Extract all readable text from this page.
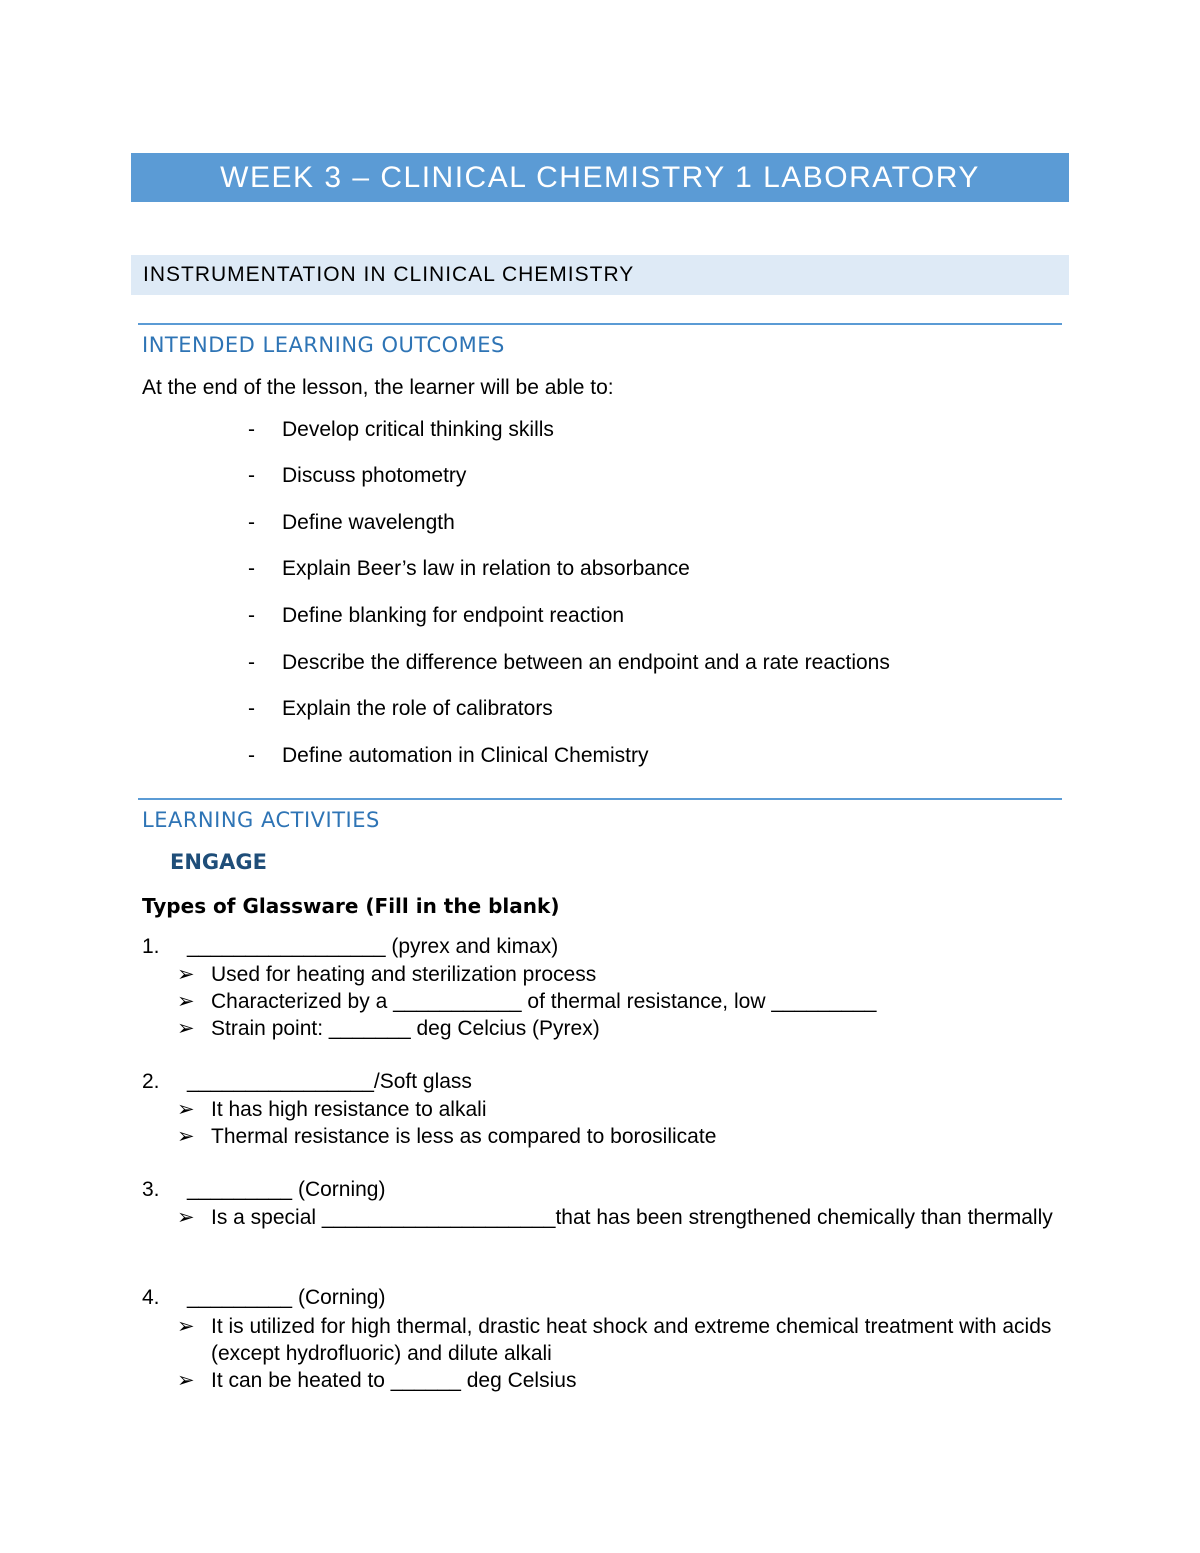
WEEK 3 – CLINICAL CHEMISTRY 1 LABORATORY
INSTRUMENTATION IN CLINICAL CHEMISTRY
INTENDED LEARNING OUTCOMES
At the end of the lesson, the learner will be able to:
- Develop critical thinking skills
- Discuss photometry
- Define wavelength
- Explain Beer’s law in relation to absorbance
- Define blanking for endpoint reaction
- Describe the difference between an endpoint and a rate reactions
- Explain the role of calibrators
- Define automation in Clinical Chemistry
LEARNING ACTIVITIES
ENGAGE
Types of Glassware (Fill in the blank)
1. _________________ (pyrex and kimax)
➢ Used for heating and sterilization process
➢ Characterized by a ___________ of thermal resistance, low _________
➢ Strain point: _______ deg Celcius (Pyrex)
2. ________________/Soft glass
➢ It has high resistance to alkali
➢ Thermal resistance is less as compared to borosilicate
3. _________ (Corning)
➢ Is a special ____________________that has been strengthened chemically than thermally
4. _________ (Corning)
➢ It is utilized for high thermal, drastic heat shock and extreme chemical treatment with acids (except hydrofluoric) and dilute alkali
➢ It can be heated to ______ deg Celsius
